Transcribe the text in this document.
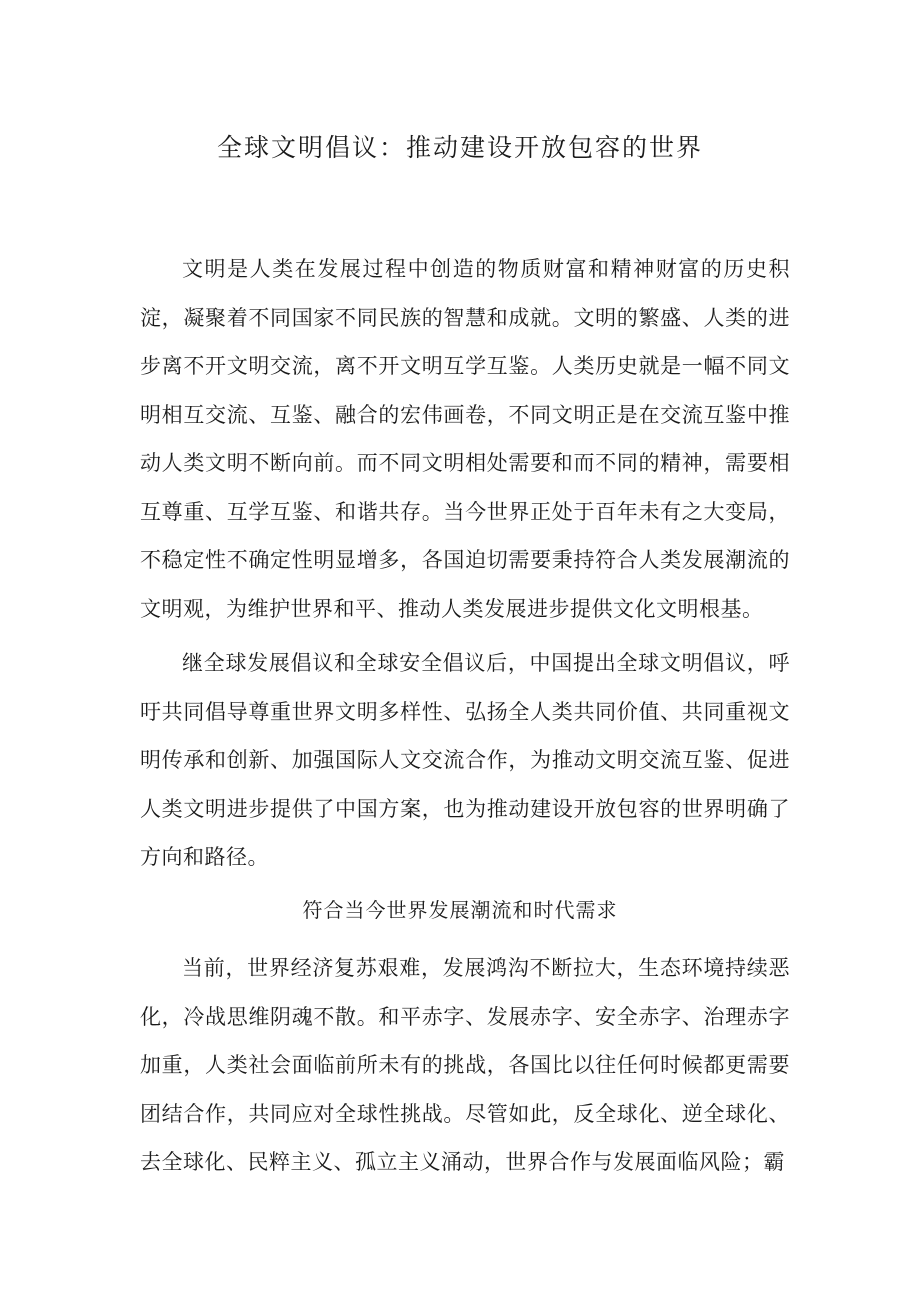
全球文明倡议：推动建设开放包容的世界

文明是人类在发展过程中创造的物质财富和精神财富的历史积淀，凝聚着不同国家不同民族的智慧和成就。文明的繁盛、人类的进步离不开文明交流，离不开文明互学互鉴。人类历史就是一幅不同文明相互交流、互鉴、融合的宏伟画卷，不同文明正是在交流互鉴中推动人类文明不断向前。而不同文明相处需要和而不同的精神，需要相互尊重、互学互鉴、和谐共存。当今世界正处于百年未有之大变局，不稳定性不确定性明显增多，各国迫切需要秉持符合人类发展潮流的文明观，为维护世界和平、推动人类发展进步提供文化文明根基。

继全球发展倡议和全球安全倡议后，中国提出全球文明倡议，呼吁共同倡导尊重世界文明多样性、弘扬全人类共同价值、共同重视文明传承和创新、加强国际人文交流合作，为推动文明交流互鉴、促进人类文明进步提供了中国方案，也为推动建设开放包容的世界明确了方向和路径。

符合当今世界发展潮流和时代需求

当前，世界经济复苏艰难，发展鸿沟不断拉大，生态环境持续恶化，冷战思维阴魂不散。和平赤字、发展赤字、安全赤字、治理赤字加重，人类社会面临前所未有的挑战，各国比以往任何时候都更需要团结合作，共同应对全球性挑战。尽管如此，反全球化、逆全球化、去全球化、民粹主义、孤立主义涌动，世界合作与发展面临风险；霸
